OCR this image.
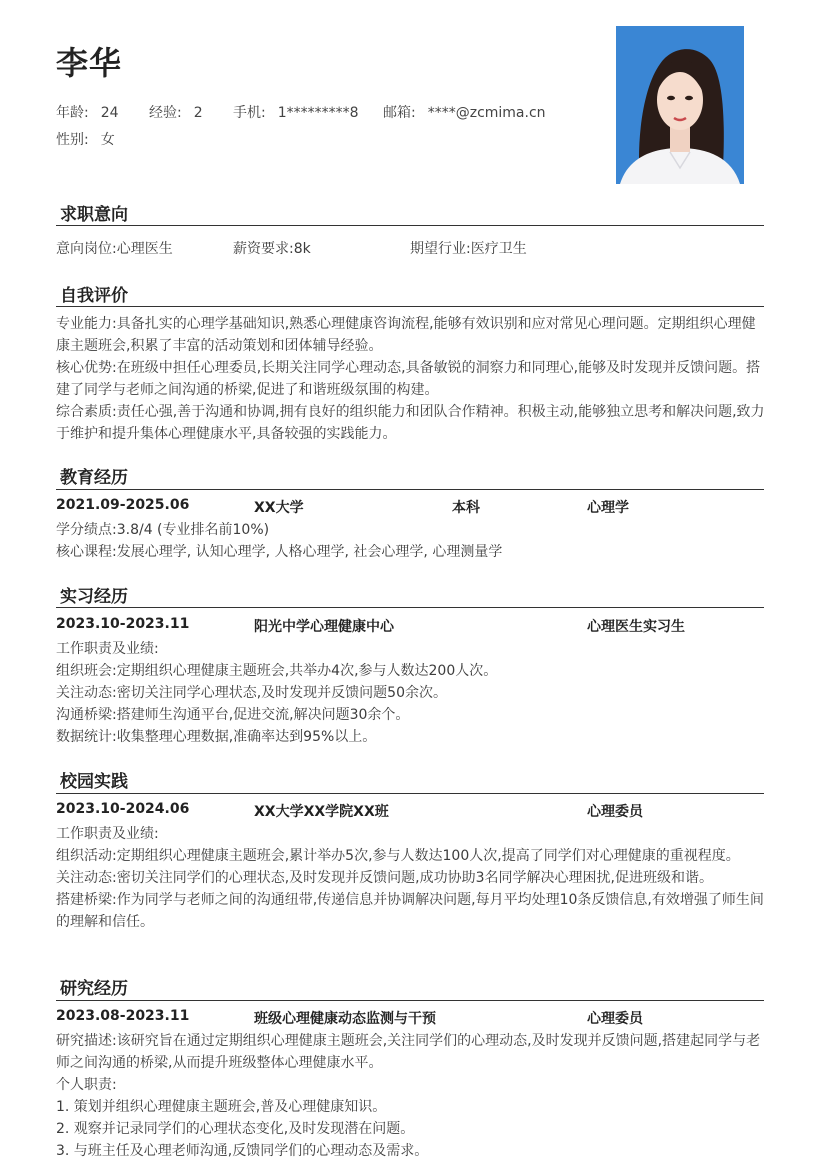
李华
年龄: 24 经验: 2 手机: 1*********8 邮箱: ****@zcmima.cn
性别: 女
求职意向
意向岗位:心理医生	薪资要求:8k	期望行业:医疗卫生
自我评价

专业能力:具备扎实的心理学基础知识,熟悉心理健康咨询流程,能够有效识别和应对常见心理问题。定期组织心理健康主题班会,积累了丰富的活动策划和团体辅导经验。

核心优势:在班级中担任心理委员,长期关注同学心理动态,具备敏锐的洞察力和同理心,能够及时发现并反馈问题。搭建了同学与老师之间沟通的桥梁,促进了和谐班级氛围的构建。

综合素质:责任心强,善于沟通和协调,拥有良好的组织能力和团队合作精神。积极主动,能够独立思考和解决问题,致力于维护和提升集体心理健康水平,具备较强的实践能力。

教育经历
2021.09-2025.06	XX大学	本科	心理学

学分绩点:3.8/4 (专业排名前10%)

核心课程:发展心理学, 认知心理学, 人格心理学, 社会心理学, 心理测量学

实习经历
2023.10-2023.11	阳光中学心理健康中心	心理医生实习生

工作职责及业绩:

组织班会:定期组织心理健康主题班会,共举办4次,参与人数达200人次。

关注动态:密切关注同学心理状态,及时发现并反馈问题50余次。

沟通桥梁:搭建师生沟通平台,促进交流,解决问题30余个。

数据统计:收集整理心理数据,准确率达到95%以上。

校园实践
2023.10-2024.06	XX大学XX学院XX班	心理委员

工作职责及业绩:

组织活动:定期组织心理健康主题班会,累计举办5次,参与人数达100人次,提高了同学们对心理健康的重视程度。

关注动态:密切关注同学们的心理状态,及时发现并反馈问题,成功协助3名同学解决心理困扰,促进班级和谐。

搭建桥梁:作为同学与老师之间的沟通纽带,传递信息并协调解决问题,每月平均处理10条反馈信息,有效增强了师生间的理解和信任。

研究经历
2023.08-2023.11	班级心理健康动态监测与干预	心理委员

研究描述:该研究旨在通过定期组织心理健康主题班会,关注同学们的心理动态,及时发现并反馈问题,搭建起同学与老师之间沟通的桥梁,从而提升班级整体心理健康水平。

个人职责:

1. 策划并组织心理健康主题班会,普及心理健康知识。

2. 观察并记录同学们的心理状态变化,及时发现潜在问题。

3. 与班主任及心理老师沟通,反馈同学们的心理动态及需求。
